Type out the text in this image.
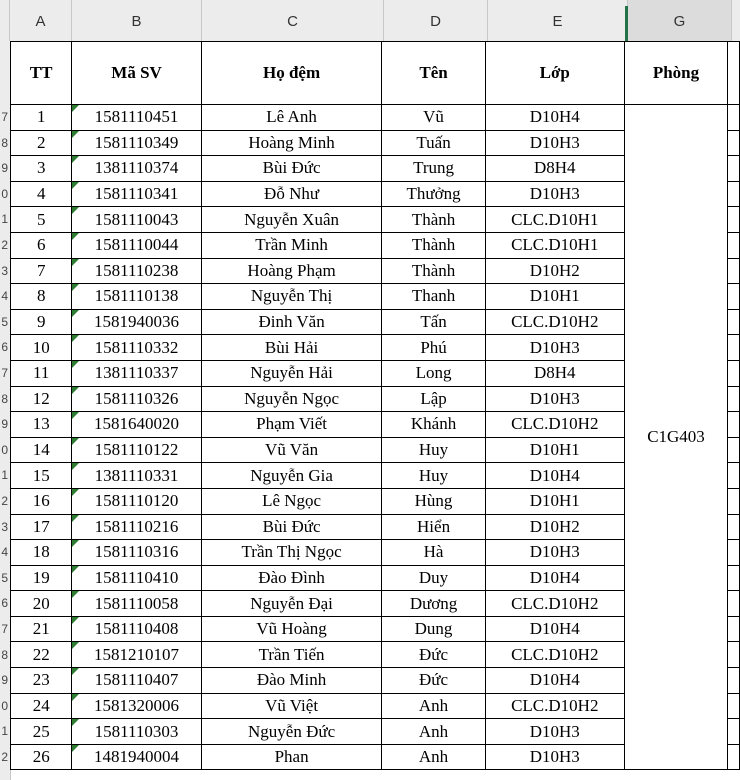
A	B	C	D	E	G
7
8
9
0
1
2
3
4
5
6
7
8
9
0
1
2
3
4
5
6
7
8
9
0
1
2
TT	Mã SV	Họ đệm	Tên	Lớp	Phòng	
1	1581110451	Lê Anh	Vũ	D10H4	C1G403	
2	1581110349	Hoàng Minh	Tuấn	D10H3		
3	1381110374	Bùi Đức	Trung	D8H4		
4	1581110341	Đỗ Như	Thưởng	D10H3		
5	1581110043	Nguyễn Xuân	Thành	CLC.D10H1		
6	1581110044	Trần Minh	Thành	CLC.D10H1		
7	1581110238	Hoàng Phạm	Thành	D10H2		
8	1581110138	Nguyễn Thị	Thanh	D10H1		
9	1581940036	Đinh Văn	Tấn	CLC.D10H2		
10	1581110332	Bùi Hải	Phú	D10H3		
11	1381110337	Nguyễn Hải	Long	D8H4		
12	1581110326	Nguyễn Ngọc	Lập	D10H3		
13	1581640020	Phạm Viết	Khánh	CLC.D10H2		
14	1581110122	Vũ Văn	Huy	D10H1		
15	1381110331	Nguyễn Gia	Huy	D10H4		
16	1581110120	Lê Ngọc	Hùng	D10H1		
17	1581110216	Bùi Đức	Hiển	D10H2		
18	1581110316	Trần Thị Ngọc	Hà	D10H3		
19	1581110410	Đào Đình	Duy	D10H4		
20	1581110058	Nguyễn Đại	Dương	CLC.D10H2		
21	1581110408	Vũ Hoàng	Dung	D10H4		
22	1581210107	Trần Tiến	Đức	CLC.D10H2		
23	1581110407	Đào Minh	Đức	D10H4		
24	1581320006	Vũ Việt	Anh	CLC.D10H2		
25	1581110303	Nguyễn Đức	Anh	D10H3		
26	1481940004	Phan	Anh	D10H3		
